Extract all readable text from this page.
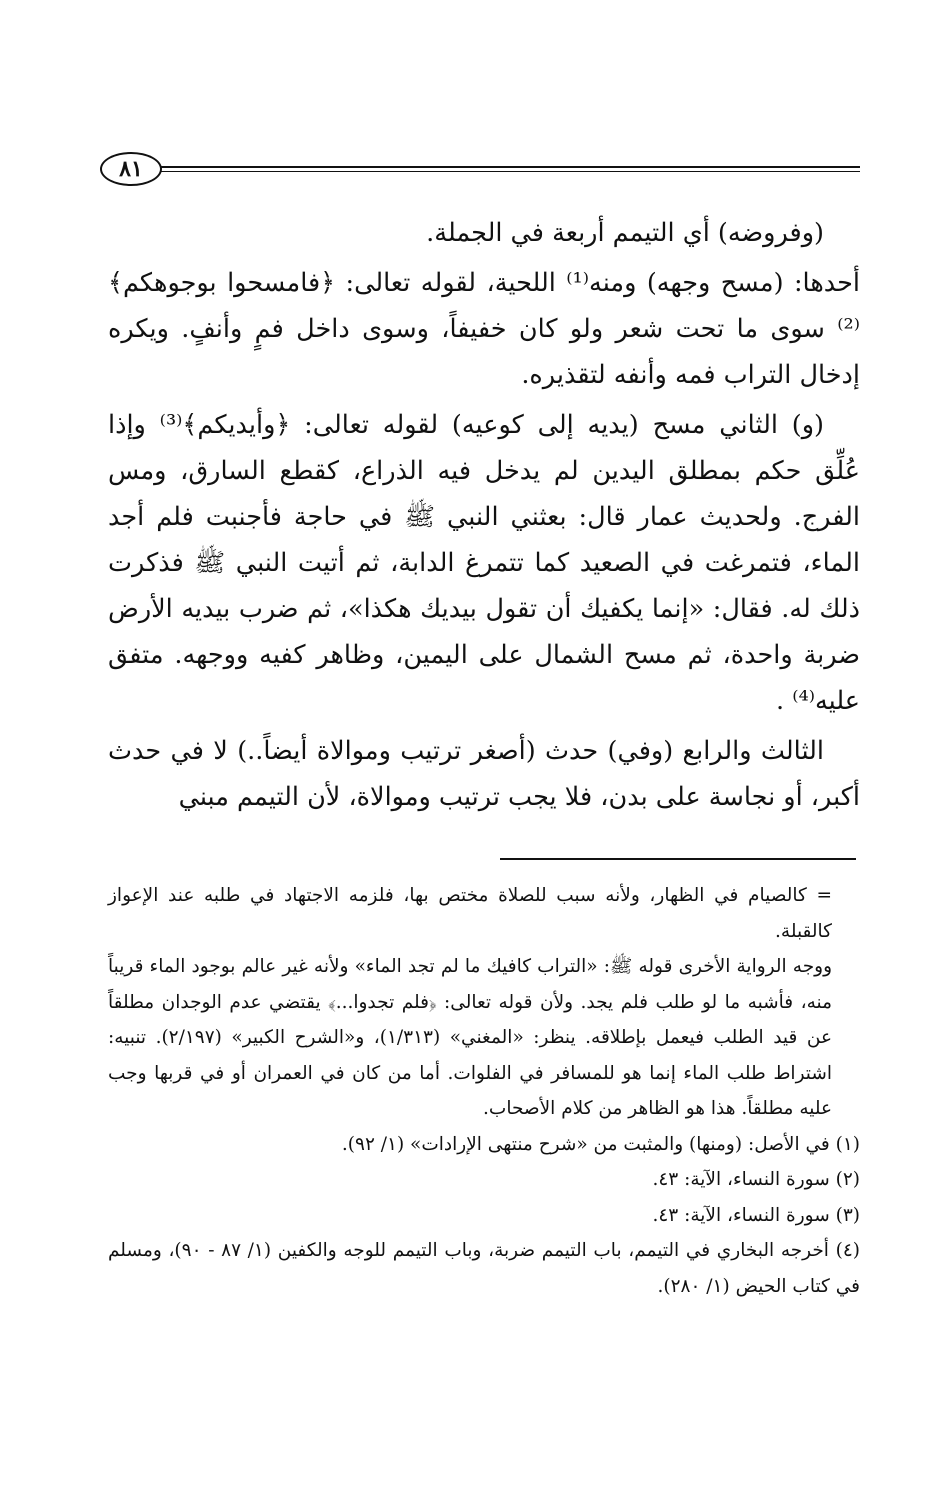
٨١

(وفروضه) أي التيمم أربعة في الجملة.

أحدها: (مسح وجهه) ومنه⁽¹⁾ اللحية، لقوله تعالى: ﴿فامسحوا بوجوهكم﴾⁽²⁾ سوى ما تحت شعر ولو كان خفيفاً، وسوى داخل فمٍ وأنفٍ. ويكره إدخال التراب فمه وأنفه لتقذيره.

(و) الثاني مسح (يديه إلى كوعيه) لقوله تعالى: ﴿وأيديكم﴾⁽³⁾ وإذا عُلِّق حكم بمطلق اليدين لم يدخل فيه الذراع، كقطع السارق، ومس الفرج. ولحديث عمار قال: بعثني النبي ﷺ في حاجة فأجنبت فلم أجد الماء، فتمرغت في الصعيد كما تتمرغ الدابة، ثم أتيت النبي ﷺ فذكرت ذلك له. فقال: «إنما يكفيك أن تقول بيديك هكذا»، ثم ضرب بيديه الأرض ضربة واحدة، ثم مسح الشمال على اليمين، وظاهر كفيه ووجهه. متفق عليه⁽⁴⁾ .

الثالث والرابع (وفي) حدث (أصغر ترتيب وموالاة أيضاً..) لا في حدث أكبر، أو نجاسة على بدن، فلا يجب ترتيب وموالاة، لأن التيمم مبني

= كالصيام في الظهار، ولأنه سبب للصلاة مختص بها، فلزمه الاجتهاد في طلبه عند الإعواز كالقبلة.

ووجه الرواية الأخرى قوله ﷺ: «التراب كافيك ما لم تجد الماء» ولأنه غير عالم بوجود الماء قريباً منه، فأشبه ما لو طلب فلم يجد. ولأن قوله تعالى: ﴿فلم تجدوا...﴾ يقتضي عدم الوجدان مطلقاً عن قيد الطلب فيعمل بإطلاقه. ينظر: «المغني» (١/٣١٣)، و«الشرح الكبير» (٢/١٩٧). تنبيه: اشتراط طلب الماء إنما هو للمسافر في الفلوات. أما من كان في العمران أو في قربها وجب عليه مطلقاً. هذا هو الظاهر من كلام الأصحاب.

(١) في الأصل: (ومنها) والمثبت من «شرح منتهى الإرادات» (١/ ٩٢).

(٢) سورة النساء، الآية: ٤٣.

(٣) سورة النساء، الآية: ٤٣.

(٤) أخرجه البخاري في التيمم، باب التيمم ضربة، وباب التيمم للوجه والكفين (١/ ٨٧ - ٩٠)، ومسلم في كتاب الحيض (١/ ٢٨٠).
